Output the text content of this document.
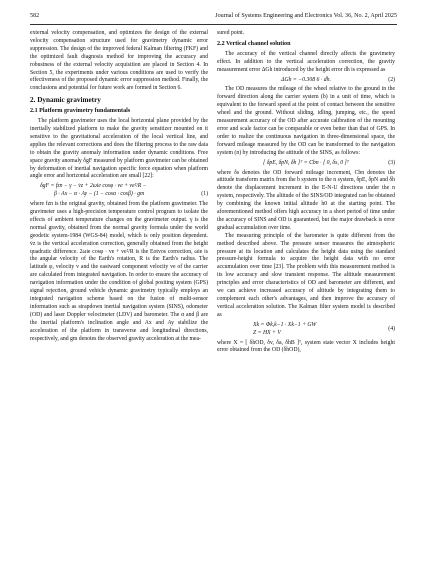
582	Journal of Systems Engineering and Electronics Vol. 36, No. 2, April 2025

external velocity compensation, and optimizes the design of the external velocity compensation structure used for gravimetry dynamic error suppression. The design of the improved federal Kalman filtering (FKF) and the optimized fault diagnosis method for improving the accuracy and robustness of the external velocity acquisition are placed in Section 4. In Section 5, the experiments under various conditions are used to verify the effectiveness of the proposed dynamic error suppression method. Finally, the conclusions and potential for future work are formed in Section 6.

2. Dynamic gravimetry
2.1 Platform gravimetry fundamentals

The platform gravimeter uses the local horizontal plane provided by the inertially stabilized platform to make the gravity sensitizer mounted on it sensitive to the gravitational acceleration of the local vertical line, and applies the relevant corrections and does the filtering process to the raw data to obtain the gravity anomaly information under dynamic conditions. Free space gravity anomaly δgF measured by platform gravimeter can be obtained by deformation of inertial navigation specific force equation when platform angle error and horizontal acceleration are small [22]:

δgF = fzn − γ − v̇z + 2ωie cosφ · ve + ve²/R −
β · Ax − α · Ay − (1 − cosα · cosβ) · gm	(1)

where fzn is the original gravity, obtained from the platform gravimeter. The gravimeter uses a high-precision temperature control program to isolate the effects of ambient temperature changes on the gravimeter output. γ is the normal gravity, obtained from the normal gravity formula under the world geodetic system-1984 (WGS-84) model, which is only position dependent. v̇z is the vertical acceleration correction, generally obtained from the height quadratic difference. 2ωie cosφ · ve + ve²/R is the Eotvos correction, ωie is the angular velocity of the Earth's rotation, R is the Earth's radius. The latitude φ, velocity v and the eastward component velocity ve of the carrier are calculated from integrated navigation. In order to ensure the accuracy of navigation information under the condition of global positing system (GPS) signal rejection, ground vehicle dynamic gravimetry typically employs an integrated navigation scheme based on the fusion of multi-sensor information such as strapdown inertial navigation system (SINS), odometer (OD) and laser Doppler velocimeter (LDV) and barometer. The α and β are the inertial platform's inclination angle and Ax and Ay stabilize the acceleration of the platform in transverse and longitudinal directions, respectively, and gm denotes the observed gravity acceleration at the mea-

sured point.

2.2 Vertical channel solution

The accuracy of the vertical channel directly affects the gravimetry effect. In addition to the vertical acceleration correction, the gravity measurement error ΔGh introduced by the height error dh is expressed as

ΔGh = −0.308 6 · dh.	(2)

The OD measures the mileage of the wheel relative to the ground in the forward direction along the carrier system (b) in a unit of time, which is equivalent to the forward speed at the point of contact between the sensitive wheel and the ground. Without sliding, idling, jumping, etc., the speed measurement accuracy of the OD after accurate calibration of the mounting error and scale factor can be comparable or even better than that of GPS. In order to realize the continuous navigation in three-dimensional space, the forward mileage measured by the OD can be transformed to the navigation system (n) by introducing the attitude of the SINS, as follows:

[ δpE, δpN, δh ]ᵀ = Cbn · [ 0, δs, 0 ]ᵀ	(3)

where δs denotes the OD forward mileage increment, Cbn denotes the attitude transform matrix from the b system to the n system, δpE, δpN and δh denote the displacement increment in the E-N-U directions under the n system, respectively. The altitude of the SINS/OD integrated can be obtained by combining the known initial altitude h0 at the starting point. The aforementioned method offers high accuracy in a short period of time under the accuracy of SINS and OD is guaranteed, but the major drawback is error gradual accumulation over time.

The measuring principle of the barometer is quite different from the method described above. The pressure sensor measures the atmospheric pressure at its location and calculates the height data using the standard pressure-height formula to acquire the height data with no error accumulation over time [23]. The problem with this measurement method is its low accuracy and slow transient response. The altitude measurement principles and error characteristics of OD and barometer are different, and we can achieve increased accuracy of altitude by integrating them to complement each other's advantages, and then improve the accuracy of vertical acceleration solution. The Kalman filter system model is described as

Xk = Φk,k−1 · Xk−1 + GW
Z = HX + V
(4)

where X = [ δhOD, δv, δa, δhB ]ᵀ, system state vector X includes height error obtained from the OD (δhOD),
